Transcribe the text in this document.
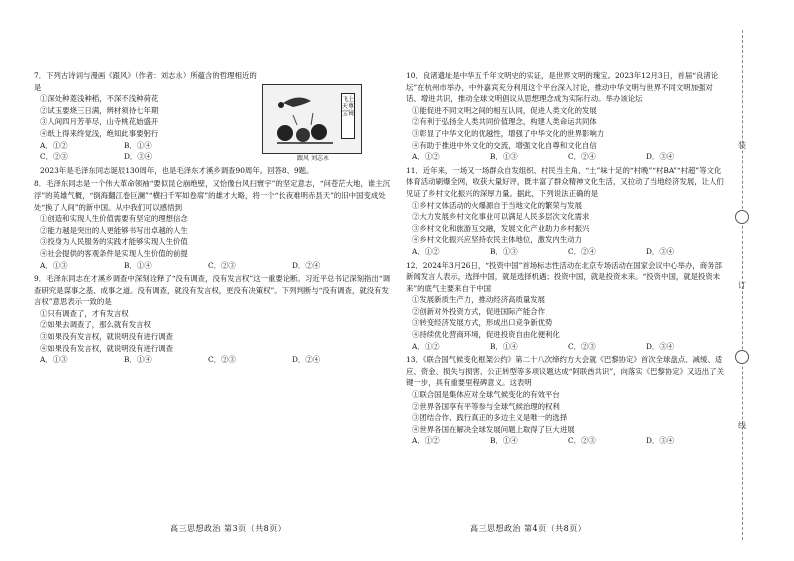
7．下列古诗词与漫画《跟风》（作者：刘志永）所蕴含的哲理相近的是
①深处种菱浅种稻，不深不浅种荷花
②试玉要烧三日满，辨材须待七年期
③人间四月芳菲尽，山寺桃花始盛开
④纸上得来终觉浅，绝知此事要躬行
A．①②	B．①④
C．②③	D．③④
2023年是毛泽东同志诞辰130周年，也是毛泽东才溪乡调查90周年。回答8、9题。
8．毛泽东同志是一个伟大革命领袖“要似昆仑崩绝壁，又恰像台风扫寰宇”的坚定意志，“问苍茫大地，谁主沉浮”的英雄气概，“倒海翻江卷巨澜”“横扫千军如卷席”的雄才大略，将一个“长夜难明赤县天”的旧中国变成处处“换了人间”的新中国。从中我们可以感悟到
①创造和实现人生价值需要有坚定的理想信念
②能力越是突出的人更能够书写出卓越的人生
③投身为人民服务的实践才能够实现人生价值
④社会提供的客观条件是实现人生价值的前提
A．①③	B．①④	C．②③	D．②④
9．毛泽东同志在才溪乡调查中深刻诠释了“没有调查，没有发言权”这一重要论断。习近平总书记深刻指出“调查研究是谋事之基、成事之道。没有调查，就没有发言权，更没有决策权”。下列判断与“没有调查，就没有发言权”意思表示一致的是
①只有调查了，才有发言权
②如果去调查了，那么就有发言权
③如果没有发言权，就说明没有进行调查
④如果没有发言权，就说明没有进行调查
A．①③	B．①④	C．②③	D．②④
飞上天尊宝镜
跟风 刘志永
10．良渚遗址是中华五千年文明史的实证，是世界文明的瑰宝。2023年12月3日，首届“良渚论坛”在杭州市举办，中外嘉宾充分利用这个平台深入讨论，推动中华文明与世界不同文明加强对话、增进共识，推动全球文明倡议从思想理念成为实际行动。举办该论坛
①能促进不同文明之间的相互认同，促进人类文化的发展
②有利于弘扬全人类共同价值理念，构建人类命运共同体
③彰显了中华文化的优越性，增强了中华文化的世界影响力
④有助于推进中外文化的交流，增强文化自尊和文化自信
A．①②	B．①③	C．②④	D．③④
11．近年来，一场又一场群众自发组织、村民当主角、“土”味十足的“村晚”“村BA”“村超”等文化体育活动刷爆全网，收获大量好评，既丰富了群众精神文化生活，又拉动了当地经济发展，让人们见证了乡村文化振兴的深厚力量。据此，下列说法正确的是
①乡村文体活动的火爆源自于当地文化的繁荣与发展
②大力发展乡村文化事业可以满足人民多层次文化需求
③乡村文化和旅游互交融，发展文化产业助力乡村振兴
④乡村文化振兴应坚持农民主体地位，激发内生动力
A．①②	B．①③	C．②④	D．③④
12．2024年3月26日，“投资中国”首场标志性活动在北京专场活动在国家会议中心举办，商务部新闻发言人表示，选择中国，就是选择机遇；投资中国，就是投资未来。“投资中国，就是投资未来”的底气主要来自于中国
①发展新质生产力，推动经济高质量发展
②创新对外投资方式，促进国际产能合作
③转变经济发展方式，形成出口竞争新优势
④持续优化营商环境，促进投资自由化便利化
A．①②	B．①④	C．②③	D．③④
13．《联合国气候变化框架公约》第二十八次缔约方大会就《巴黎协定》首次全球盘点、减缓、适应、资金、损失与损害、公正转型等多项议题达成“阿联酋共识”，向落实《巴黎协定》又迈出了关键一步，具有重要里程碑意义。这表明
①联合国是集体应对全球气候变化的有效平台
②世界各国享有平等参与全球气候治理的权利
③团结合作、践行真正的多边主义是唯一的选择
④世界各国在解决全球发展问题上取得了巨大进展
A．①②	B．①④	C．②③	D．③④
高三思想政治 第3页（共8页）	高三思想政治 第4页（共8页）
装
订
线
